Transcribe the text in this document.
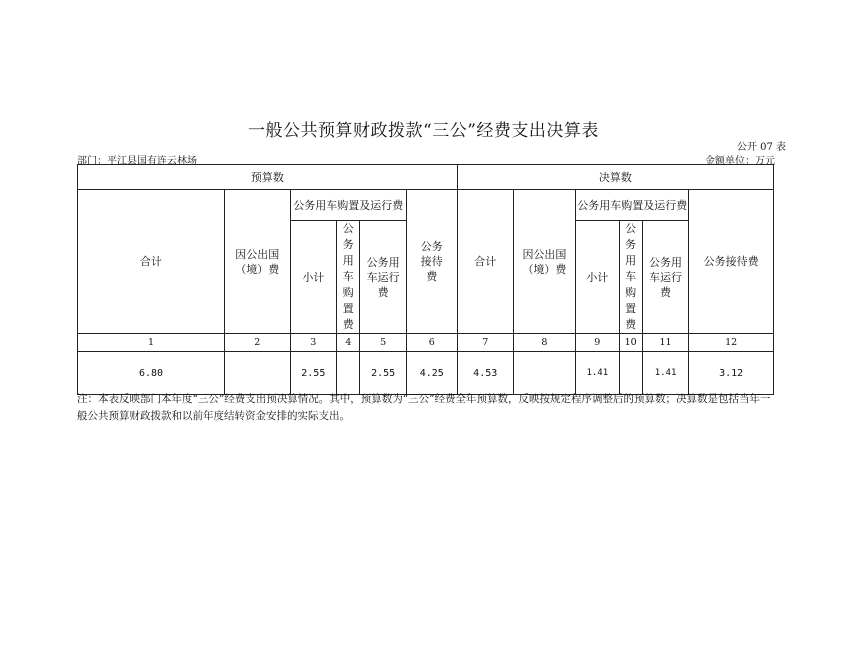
一般公共预算财政拨款“三公”经费支出决算表
公开 07 表
部门：平江县国有连云林场	金额单位：万元
预算数						决算数					
合计	因公出国（境）费	公务用车购置及运行费			公务接待费	合计	因公出国（境）费	公务用车购置及运行费			公务接待费
		小计	公务用车购置费	公务用车运行费				小计	公务用车购置费	公务用车运行费	
1	2	3	4	5	6	7	8	9	10	11	12
6.80		2.55		2.55	4.25	4.53		1.41		1.41	3.12
注：本表反映部门本年度“三公”经费支出预决算情况。其中，预算数为“三公”经费全年预算数，反映按规定程序调整后的预算数；决算数是包括当年一般公共预算财政拨款和以前年度结转资金安排的实际支出。
